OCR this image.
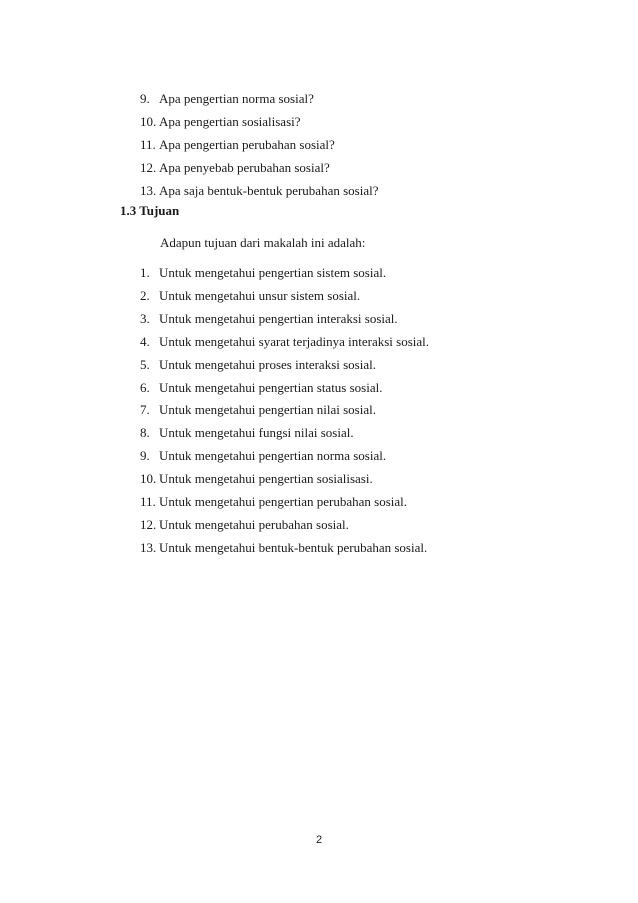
9. Apa pengertian norma sosial?
10. Apa pengertian sosialisasi?
11. Apa pengertian perubahan sosial?
12. Apa penyebab perubahan sosial?
13. Apa saja bentuk-bentuk perubahan sosial?
1.3 Tujuan

Adapun tujuan dari makalah ini adalah:

1. Untuk mengetahui pengertian sistem sosial.
2. Untuk mengetahui unsur sistem sosial.
3. Untuk mengetahui pengertian interaksi sosial.
4. Untuk mengetahui syarat terjadinya interaksi sosial.
5. Untuk mengetahui proses interaksi sosial.
6. Untuk mengetahui pengertian status sosial.
7. Untuk mengetahui pengertian nilai sosial.
8. Untuk mengetahui fungsi nilai sosial.
9. Untuk mengetahui pengertian norma sosial.
10. Untuk mengetahui pengertian sosialisasi.
11. Untuk mengetahui pengertian perubahan sosial.
12. Untuk mengetahui perubahan sosial.
13. Untuk mengetahui bentuk-bentuk perubahan sosial.
2
